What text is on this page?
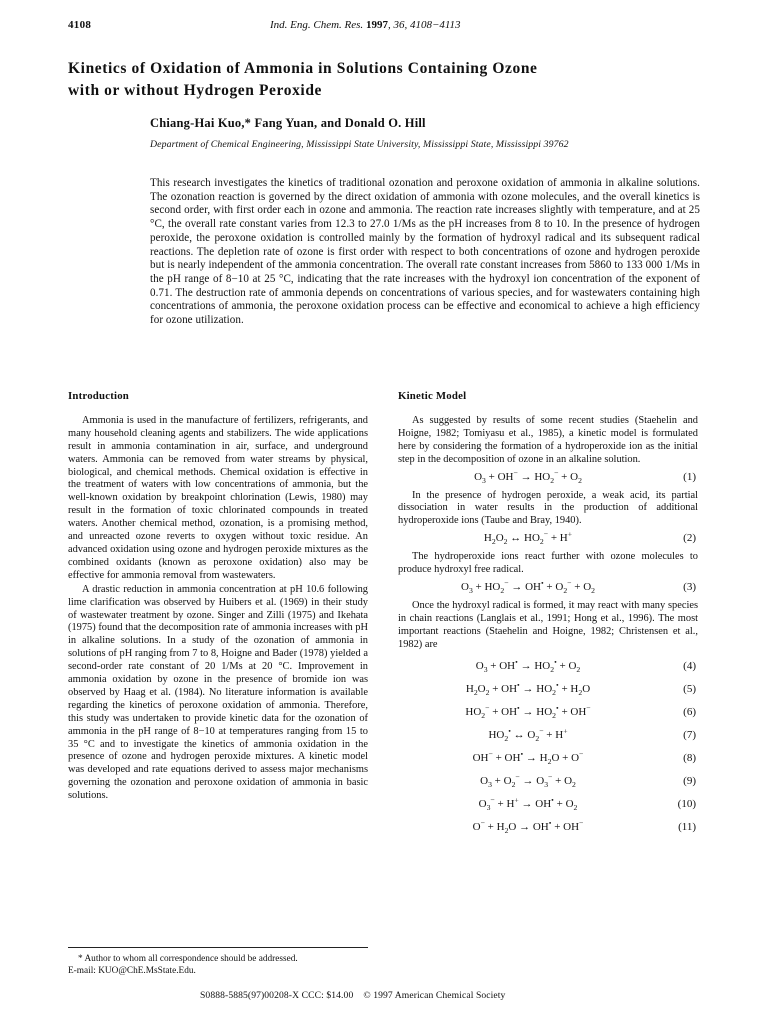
4108	Ind. Eng. Chem. Res. 1997, 36, 4108−4113
Kinetics of Oxidation of Ammonia in Solutions Containing Ozone
with or without Hydrogen Peroxide
Chiang-Hai Kuo,* Fang Yuan, and Donald O. Hill
Department of Chemical Engineering, Mississippi State University, Mississippi State, Mississippi 39762
This research investigates the kinetics of traditional ozonation and peroxone oxidation of ammonia in alkaline solutions. The ozonation reaction is governed by the direct oxidation of ammonia with ozone molecules, and the overall kinetics is second order, with first order each in ozone and ammonia. The reaction rate increases slightly with temperature, and at 25 °C, the overall rate constant varies from 12.3 to 27.0 1/Ms as the pH increases from 8 to 10. In the presence of hydrogen peroxide, the peroxone oxidation is controlled mainly by the formation of hydroxyl radical and its subsequent radical reactions. The depletion rate of ozone is first order with respect to both concentrations of ozone and hydrogen peroxide but is nearly independent of the ammonia concentration. The overall rate constant increases from 5860 to 133 000 1/Ms in the pH range of 8−10 at 25 °C, indicating that the rate increases with the hydroxyl ion concentration of the exponent of 0.71. The destruction rate of ammonia depends on concentrations of various species, and for wastewaters containing high concentrations of ammonia, the peroxone oxidation process can be effective and economical to achieve a high efficiency for ozone utilization.
Introduction

Ammonia is used in the manufacture of fertilizers, refrigerants, and many household cleaning agents and stabilizers. The wide applications result in ammonia contamination in air, surface, and underground waters. Ammonia can be removed from water streams by physical, biological, and chemical methods. Chemical oxidation is effective in the treatment of waters with low concentrations of ammonia, but the well-known oxidation by breakpoint chlorination (Lewis, 1980) may result in the formation of toxic chlorinated compounds in treated waters. Another chemical method, ozonation, is a promising method, and unreacted ozone reverts to oxygen without toxic residue. An advanced oxidation using ozone and hydrogen peroxide mixtures as the combined oxidants (known as peroxone oxidation) also may be effective for ammonia removal from wastewaters.

A drastic reduction in ammonia concentration at pH 10.6 following lime clarification was observed by Huibers et al. (1969) in their study of wastewater treatment by ozone. Singer and Zilli (1975) and Ikehata (1975) found that the decomposition rate of ammonia increases with pH in alkaline solutions. In a study of the ozonation of ammonia in solutions of pH ranging from 7 to 8, Hoigne and Bader (1978) yielded a second-order rate constant of 20 1/Ms at 20 °C. Improvement in ammonia oxidation by ozone in the presence of bromide ion was observed by Haag et al. (1984). No literature information is available regarding the kinetics of peroxone oxidation of ammonia. Therefore, this study was undertaken to provide kinetic data for the ozonation of ammonia in the pH range of 8−10 at temperatures ranging from 15 to 35 °C and to investigate the kinetics of ammonia oxidation in the presence of ozone and hydrogen peroxide mixtures. A kinetic model was developed and rate equations derived to assess major mechanisms governing the ozonation and peroxone oxidation of ammonia in basic solutions.

Kinetic Model

As suggested by results of some recent studies (Staehelin and Hoigne, 1982; Tomiyasu et al., 1985), a kinetic model is formulated here by considering the formation of a hydroperoxide ion as the initial step in the decomposition of ozone in an alkaline solution.

$O_3 + OH^- \to HO_2^- + O_2$	(1)

In the presence of hydrogen peroxide, a weak acid, its partial dissociation in water results in the production of additional hydroperoxide ions (Taube and Bray, 1940).

$H_2O_2$ ↔ $HO_2^- + H^+$	(2)

The hydroperoxide ions react further with ozone molecules to produce hydroxyl free radical.

$O_3 + HO_2^- \to OH^• + O_2^- + O_2$	(3)

Once the hydroxyl radical is formed, it may react with many species in chain reactions (Langlais et al., 1991; Hong et al., 1996). The most important reactions (Staehelin and Hoigne, 1982; Christensen et al., 1982) are

$O_3 + OH^• \to HO_2^• + O_2$	(4)
$H_2O_2 + OH^• \to HO_2^• + H_2O$	(5)
$HO_2^- + OH^• \to HO_2^• + OH^-$	(6)
$HO_2^•$ ↔ $O_2^- + H^+$	(7)
$OH^- + OH^• \to H_2O + O^-$	(8)
$O_3 + O_2^- \to O_3^- + O_2$	(9)
$O_3^- + H^+ \to OH^• + O_2$	(10)
$O^- + H_2O \to OH^• + OH^-$	(11)
* Author to whom all correspondence should be addressed.
E-mail: KUO@ChE.MsState.Edu.
S0888-5885(97)00208-X CCC: $14.00    © 1997 American Chemical Society
